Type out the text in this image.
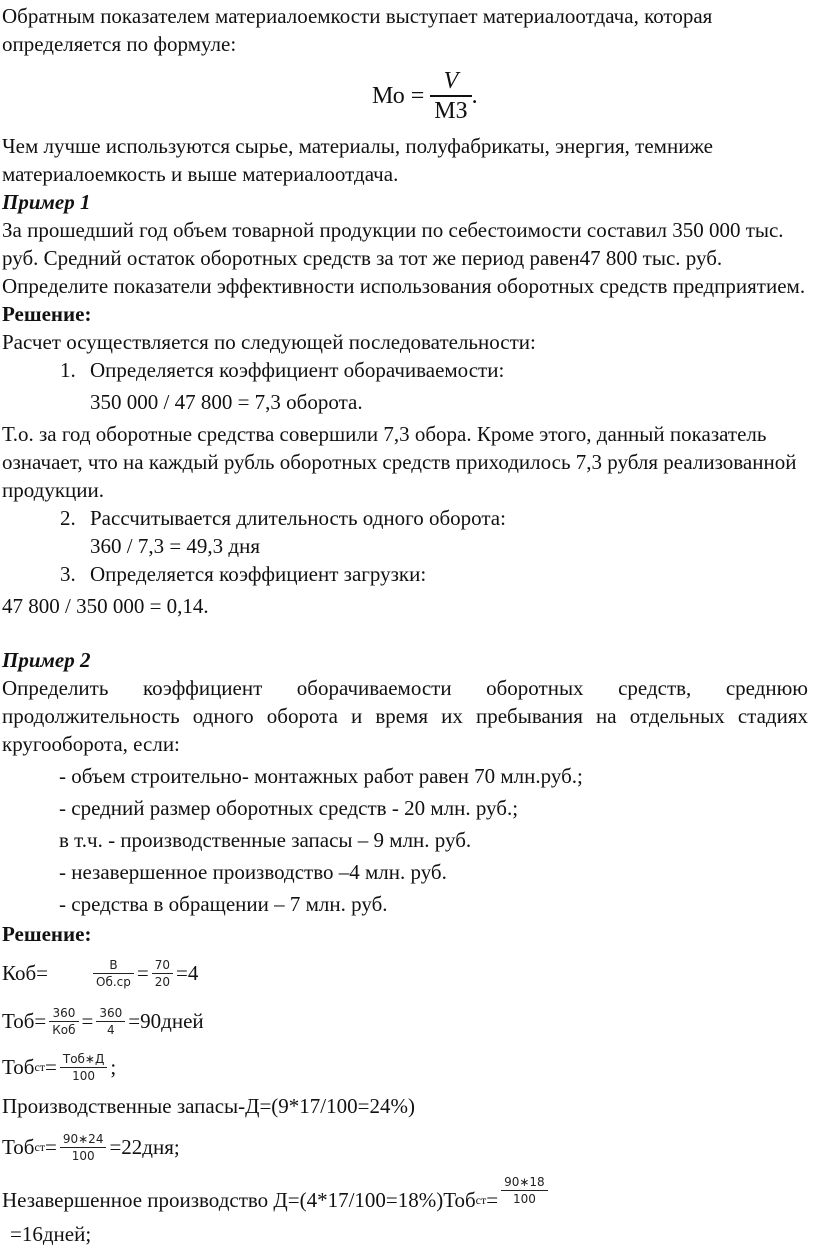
Обратным показателем материалоемкости выступает материалоотдача, которая определяется по формуле:

Мо = $\frac{V}{МЗ}$ .

Чем лучше используются сырье, материалы, полуфабрикаты, энергия, темниже материалоемкость и выше материалоотдача.

Пример 1

За прошедший год объем товарной продукции по себестоимости составил 350 000 тыс. руб. Средний остаток оборотных средств за тот же период равен47 800 тыс. руб. Определите показатели эффективности использования оборотных средств предприятием.

Решение:

Расчет осуществляется по следующей последовательности:

1. Определяется коэффициент оборачиваемости:

350 000 / 47 800 = 7,3 оборота.

Т.о. за год оборотные средства совершили 7,3 обора. Кроме этого, данный показатель означает, что на каждый рубль оборотных средств приходилось 7,3 рубля реализованной продукции.

2. Рассчитывается длительность одного оборота:

360 / 7,3 = 49,3 дня

3. Определяется коэффициент загрузки:

47 800 / 350 000 = 0,14.

Пример 2

Определить коэффициент оборачиваемости оборотных средств, среднюю продолжительность одного оборота и время их пребывания на отдельных стадиях кругооборота, если:

- объем строительно- монтажных работ равен 70 млн.руб.;

- средний размер оборотных средств - 20 млн. руб.;

в т.ч. - производственные запасы – 9 млн. руб.

- незавершенное производство –4 млн. руб.

- средства в обращении – 7 млн. руб.

Решение:

Коб=	В
Об.ср = 70
20 =4
Тоб= 360
Коб = 360
4 =90дней
Тоб ст = Тоб∗Д
100 ;

Производственные запасы-Д=(9*17/100=24%)

Тоб ст = 90∗24
100 =22дня;
Незавершенное производство Д=(4*17/100=18%)Тоб ст =
90∗18
100

=16дней;
